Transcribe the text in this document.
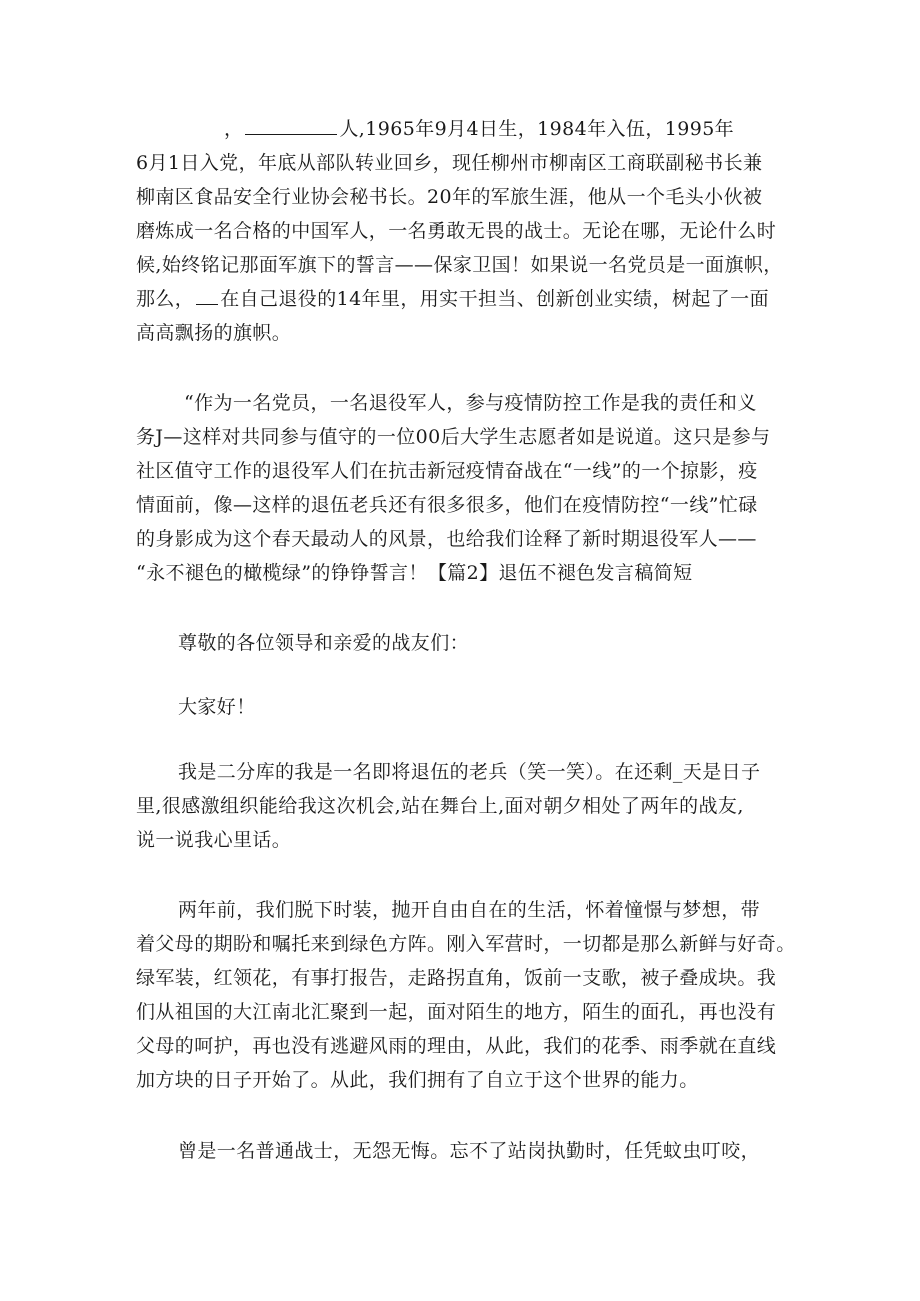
，	人,1965年9月4日生，1984年入伍，1995年
6月1日入党，年底从部队转业回乡，现任柳州市柳南区工商联副秘书长兼
柳南区食品安全行业协会秘书长。20年的军旅生涯，他从一个毛头小伙被
磨炼成一名合格的中国军人，一名勇敢无畏的战士。无论在哪，无论什么时
候,始终铭记那面军旗下的誓言——保家卫国！如果说一名党员是一面旗帜，
那么， 在自己退役的14年里，用实干担当、创新创业实绩，树起了一面
高高飘扬的旗帜。
“作为一名党员，一名退役军人，参与疫情防控工作是我的责任和义
务J—这样对共同参与值守的一位00后大学生志愿者如是说道。这只是参与
社区值守工作的退役军人们在抗击新冠疫情奋战在“一线”的一个掠影，疫
情面前，像—这样的退伍老兵还有很多很多，他们在疫情防控“一线”忙碌
的身影成为这个春天最动人的风景，也给我们诠释了新时期退役军人——
“永不褪色的橄榄绿”的铮铮誓言！【篇2】退伍不褪色发言稿简短
尊敬的各位领导和亲爱的战友们：
大家好！
我是二分库的我是一名即将退伍的老兵（笑一笑）。在还剩_天是日子
里,很感激组织能给我这次机会,站在舞台上,面对朝夕相处了两年的战友,
说一说我心里话。
两年前，我们脱下时装，抛开自由自在的生活，怀着憧憬与梦想，带
着父母的期盼和嘱托来到绿色方阵。刚入军营时，一切都是那么新鲜与好奇。
绿军装，红领花，有事打报告，走路拐直角，饭前一支歌，被子叠成块。我
们从祖国的大江南北汇聚到一起，面对陌生的地方，陌生的面孔，再也没有
父母的呵护，再也没有逃避风雨的理由，从此，我们的花季、雨季就在直线
加方块的日子开始了。从此，我们拥有了自立于这个世界的能力。
曾是一名普通战士，无怨无悔。忘不了站岗执勤时，任凭蚊虫叮咬，
